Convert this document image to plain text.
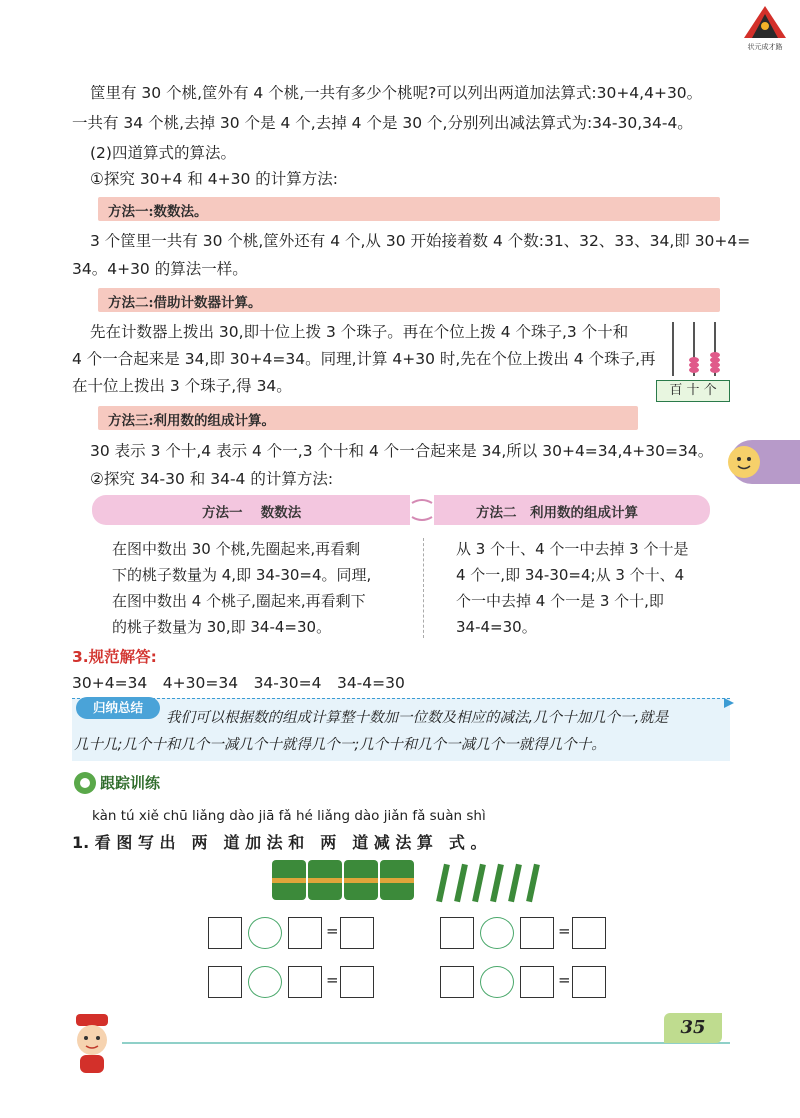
状元成才路
筐里有 30 个桃,筐外有 4 个桃,一共有多少个桃呢?可以列出两道加法算式:30+4,4+30。
一共有 34 个桃,去掉 30 个是 4 个,去掉 4 个是 30 个,分别列出减法算式为:34-30,34-4。
(2)四道算式的算法。
①探究 30+4 和 4+30 的计算方法:
方法一:数数法。
3 个筐里一共有 30 个桃,筐外还有 4 个,从 30 开始接着数 4 个数:31、32、33、34,即 30+4=
34。4+30 的算法一样。
方法二:借助计数器计算。
先在计数器上拨出 30,即十位上拨 3 个珠子。再在个位上拨 4 个珠子,3 个十和
4 个一合起来是 34,即 30+4=34。同理,计算 4+30 时,先在个位上拨出 4 个珠子,再
在十位上拨出 3 个珠子,得 34。	百 十 个
方法三:利用数的组成计算。
30 表示 3 个十,4 表示 4 个一,3 个十和 4 个一合起来是 34,所以 30+4=34,4+30=34。
②探究 34-30 和 34-4 的计算方法:
方法一　 数数法	方法二　利用数的组成计算
在图中数出 30 个桃,先圈起来,再看剩
下的桃子数量为 4,即 34-30=4。同理,
在图中数出 4 个桃子,圈起来,再看剩下
的桃子数量为 30,即 34-4=30。
从 3 个十、4 个一中去掉 3 个十是
4 个一,即 34-30=4;从 3 个十、4
个一中去掉 4 个一是 3 个十,即
34-4=30。
3.规范解答:
30+4=34　4+30=34　34-30=4　34-4=30
归纳总结
我们可以根据数的组成计算整十数加一位数及相应的减法,几个十加几个一,就是
几十几;几个十和几个一减几个十就得几个一;几个十和几个一减几个一就得几个十。
跟踪训练
kàn tú xiě chū liǎng dào jiā fǎ hé liǎng dào jiǎn fǎ suàn shì
1. 看 图 写 出　两　道 加 法 和　两　道 减 法 算　式 。
=
=
=
=
35
